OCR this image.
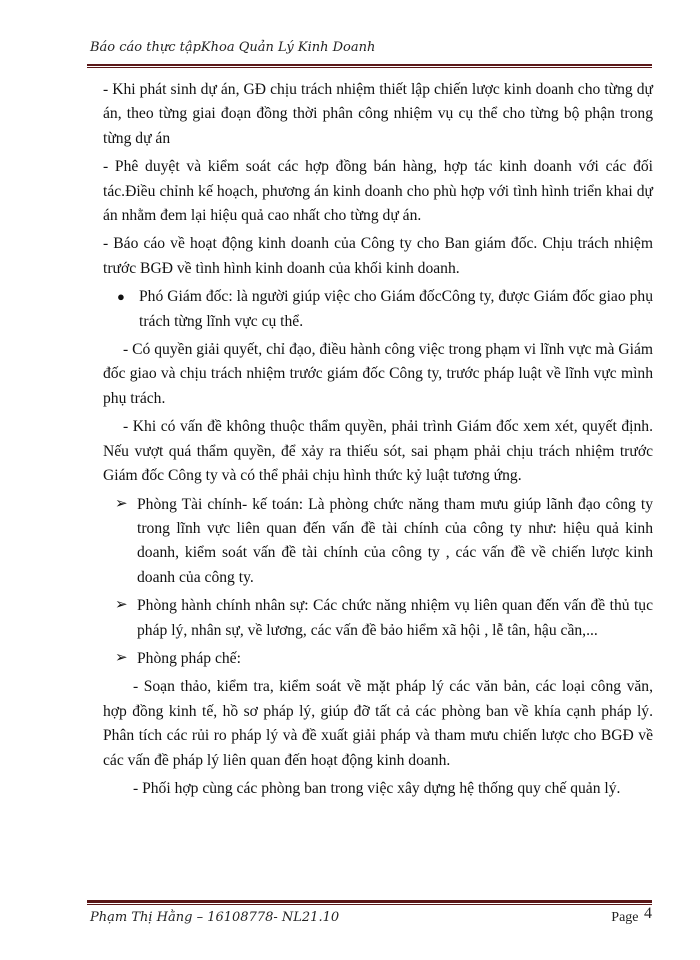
Báo cáo thực tậpKhoa Quản Lý Kinh Doanh

- Khi phát sinh dự án, GĐ chịu trách nhiệm thiết lập chiến lược kinh doanh cho từng dự án, theo từng giai đoạn đồng thời phân công nhiệm vụ cụ thể cho từng bộ phận trong từng dự án

- Phê duyệt và kiểm soát các hợp đồng bán hàng, hợp tác kinh doanh với các đối tác.Điều chỉnh kế hoạch, phương án kinh doanh cho phù hợp với tình hình triển khai dự án nhằm đem lại hiệu quả cao nhất cho từng dự án.

- Báo cáo về hoạt động kinh doanh của Công ty cho Ban giám đốc. Chịu trách nhiệm trước BGĐ về tình hình kinh doanh của khối kinh doanh.

● Phó Giám đốc: là người giúp việc cho Giám đốcCông ty, được Giám đốc giao phụ trách từng lĩnh vực cụ thể.

- Có quyền giải quyết, chỉ đạo, điều hành công việc trong phạm vi lĩnh vực mà Giám đốc giao và chịu trách nhiệm trước giám đốc Công ty, trước pháp luật về lĩnh vực mình phụ trách.

- Khi có vấn đề không thuộc thẩm quyền, phải trình Giám đốc xem xét, quyết định. Nếu vượt quá thẩm quyền, để xảy ra thiếu sót, sai phạm phải chịu trách nhiệm trước Giám đốc Công ty và có thể phải chịu hình thức kỷ luật tương ứng.

➢ Phòng Tài chính- kế toán: Là phòng chức năng tham mưu giúp lãnh đạo công ty trong lĩnh vực liên quan đến vấn đề tài chính của công ty như: hiệu quả kinh doanh, kiểm soát vấn đề tài chính của công ty , các vấn đề về chiến lược kinh doanh của công ty.
➢ Phòng hành chính nhân sự: Các chức năng nhiệm vụ liên quan đến vấn đề thủ tục pháp lý, nhân sự, về lương, các vấn đề bảo hiểm xã hội , lễ tân, hậu cần,...
➢ Phòng pháp chế:

- Soạn thảo, kiểm tra, kiểm soát về mặt pháp lý các văn bản, các loại công văn, hợp đồng kinh tế, hồ sơ pháp lý, giúp đỡ tất cả các phòng ban về khía cạnh pháp lý. Phân tích các rủi ro pháp lý và đề xuất giải pháp và tham mưu chiến lược cho BGĐ về các vấn đề pháp lý liên quan đến hoạt động kinh doanh.

- Phối hợp cùng các phòng ban trong việc xây dựng hệ thống quy chế quản lý.

Phạm Thị Hằng – 16108778- NL21.10	Page 4
